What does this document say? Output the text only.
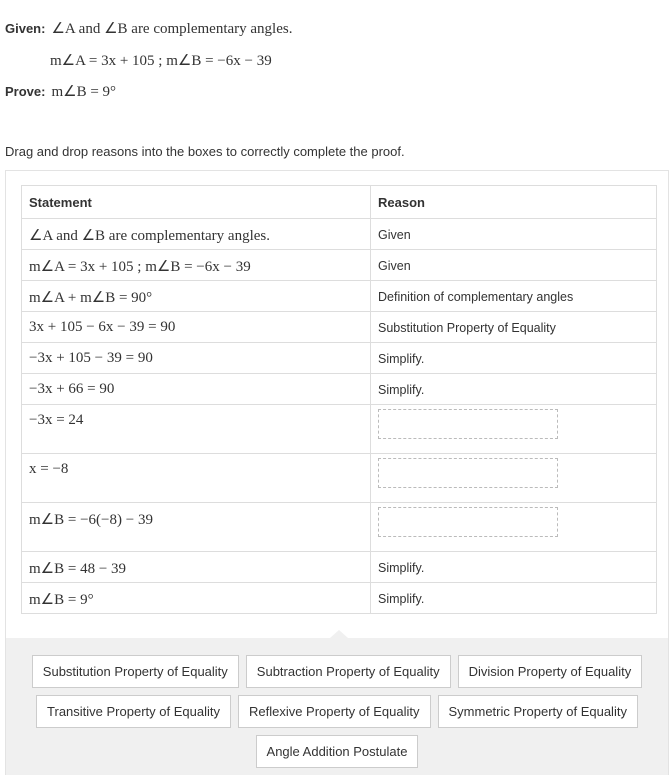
Given: ∠A and ∠B are complementary angles.
m∠A = 3x + 105 ; m∠B = −6x − 39
Prove: m∠B = 9°
Drag and drop reasons into the boxes to correctly complete the proof.
Statement	Reason
∠A and ∠B are complementary angles.	Given
m∠A = 3x + 105 ; m∠B = −6x − 39	Given
m∠A + m∠B = 90°	Definition of complementary angles
3x + 105 − 6x − 39 = 90	Substitution Property of Equality
−3x + 105 − 39 = 90	Simplify.
−3x + 66 = 90	Simplify.
−3x = 24	

x = −8	

m∠B = −6(−8) − 39	

m∠B = 48 − 39	Simplify.
m∠B = 9°	Simplify.
Substitution Property of Equality	Subtraction Property of Equality	Division Property of Equality
Transitive Property of Equality	Reflexive Property of Equality	Symmetric Property of Equality
Angle Addition Postulate
